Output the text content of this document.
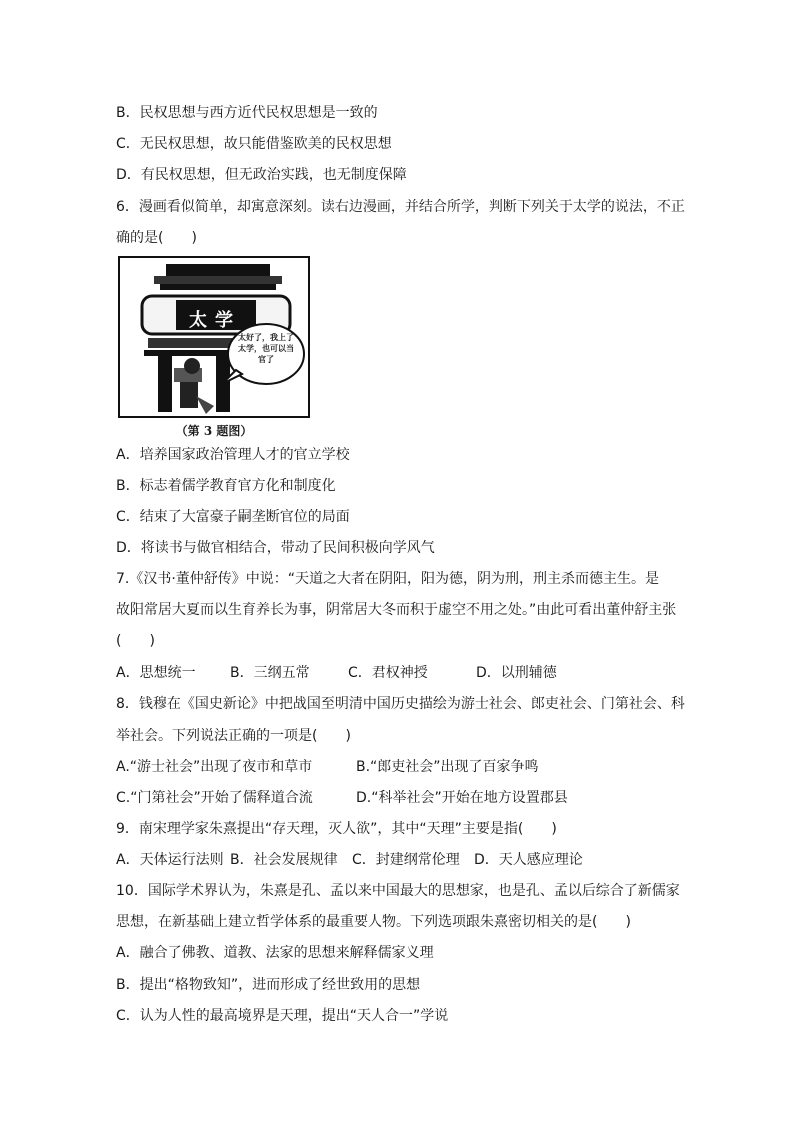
B．民权思想与西方近代民权思想是一致的
C．无民权思想，故只能借鉴欧美的民权思想
D．有民权思想，但无政治实践，也无制度保障
6．漫画看似简单，却寓意深刻。读右边漫画，并结合所学，判断下列关于太学的说法，不正
确的是(　　)
太学
太好了，我上了太学，也可以当官了
（第 3 题图）
A．培养国家政治管理人才的官立学校
B．标志着儒学教育官方化和制度化
C．结束了大富豪子嗣垄断官位的局面
D．将读书与做官相结合，带动了民间积极向学风气
7.《汉书·董仲舒传》中说：“天道之大者在阴阳，阳为德，阴为刑，刑主杀而德主生。是
故阳常居大夏而以生育养长为事，阴常居大冬而积于虚空不用之处。”由此可看出董仲舒主张
(　　)

A．思想统一

B．三纲五常

	C．君权神授

	D．以刑辅德

8．钱穆在《国史新论》中把战国至明清中国历史描绘为游士社会、郎吏社会、门第社会、科
举社会。下列说法正确的一项是(　　)

A.“游士社会”出现了夜市和草市

	B.“郎吏社会”出现了百家争鸣

C.“门第社会”开始了儒释道合流

	D.“科举社会”开始在地方设置郡县

9．南宋理学家朱熹提出“存天理，灭人欲”，其中“天理”主要是指(　　)

A．天体运行法则

B．社会发展规律

C．封建纲常伦理

D．天人感应理论

10．国际学术界认为，朱熹是孔、孟以来中国最大的思想家，也是孔、孟以后综合了新儒家
思想，在新基础上建立哲学体系的最重要人物。下列选项跟朱熹密切相关的是(　　)
A．融合了佛教、道教、法家的思想来解释儒家义理
B．提出“格物致知”，进而形成了经世致用的思想
C．认为人性的最高境界是天理，提出“天人合一”学说
